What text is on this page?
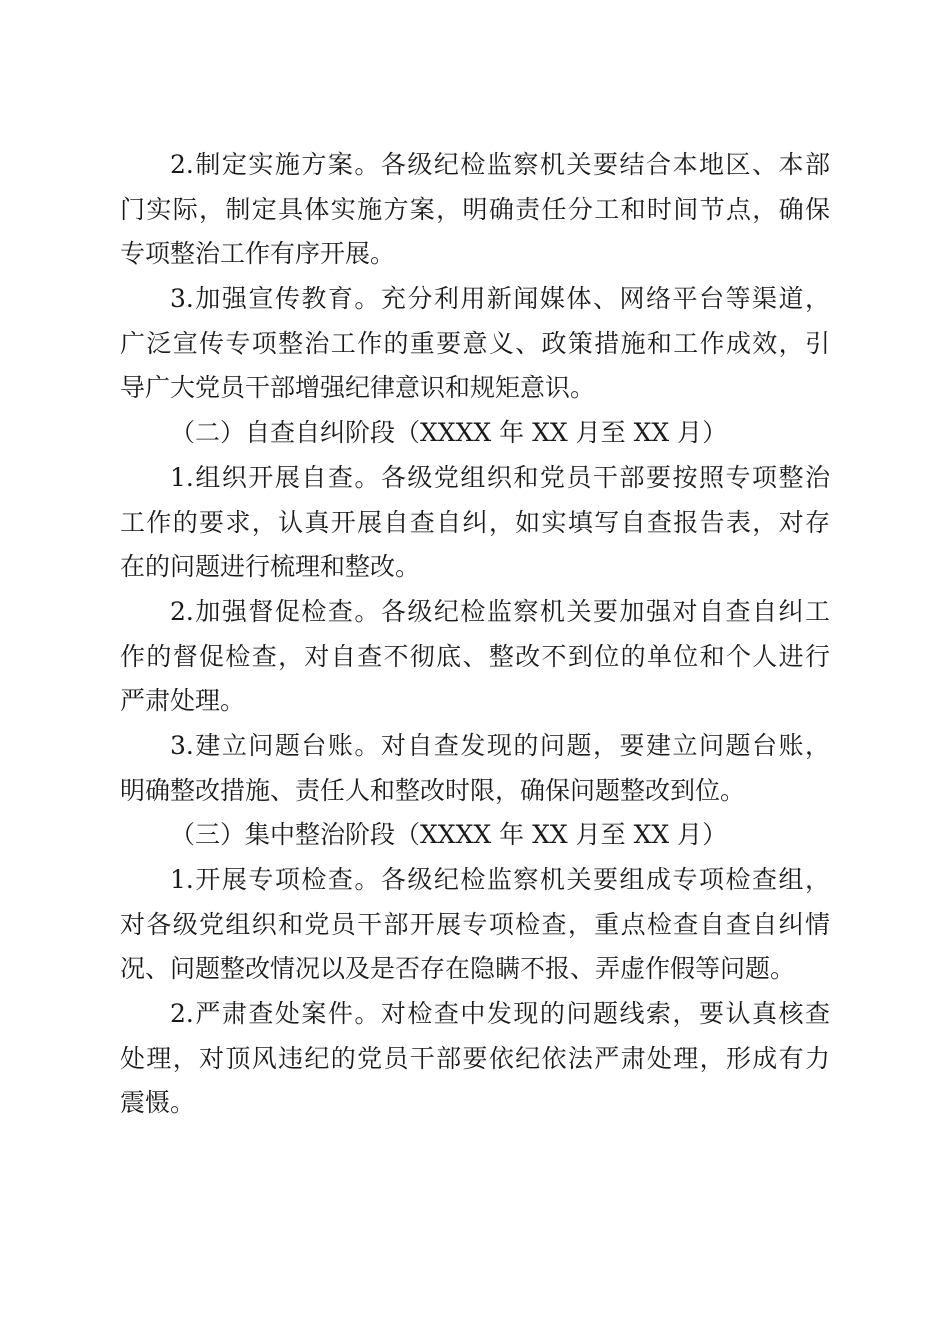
2.制定实施方案。各级纪检监察机关要结合本地区、本部
门实际，制定具体实施方案，明确责任分工和时间节点，确保
专项整治工作有序开展。
3.加强宣传教育。充分利用新闻媒体、网络平台等渠道，
广泛宣传专项整治工作的重要意义、政策措施和工作成效，引
导广大党员干部增强纪律意识和规矩意识。
（二）自查自纠阶段（XXXX 年 XX 月至 XX 月）
1.组织开展自查。各级党组织和党员干部要按照专项整治
工作的要求，认真开展自查自纠，如实填写自查报告表，对存
在的问题进行梳理和整改。
2.加强督促检查。各级纪检监察机关要加强对自查自纠工
作的督促检查，对自查不彻底、整改不到位的单位和个人进行
严肃处理。
3.建立问题台账。对自查发现的问题，要建立问题台账，
明确整改措施、责任人和整改时限，确保问题整改到位。
（三）集中整治阶段（XXXX 年 XX 月至 XX 月）
1.开展专项检查。各级纪检监察机关要组成专项检查组，
对各级党组织和党员干部开展专项检查，重点检查自查自纠情
况、问题整改情况以及是否存在隐瞒不报、弄虚作假等问题。
2.严肃查处案件。对检查中发现的问题线索，要认真核查
处理，对顶风违纪的党员干部要依纪依法严肃处理，形成有力
震慑。
